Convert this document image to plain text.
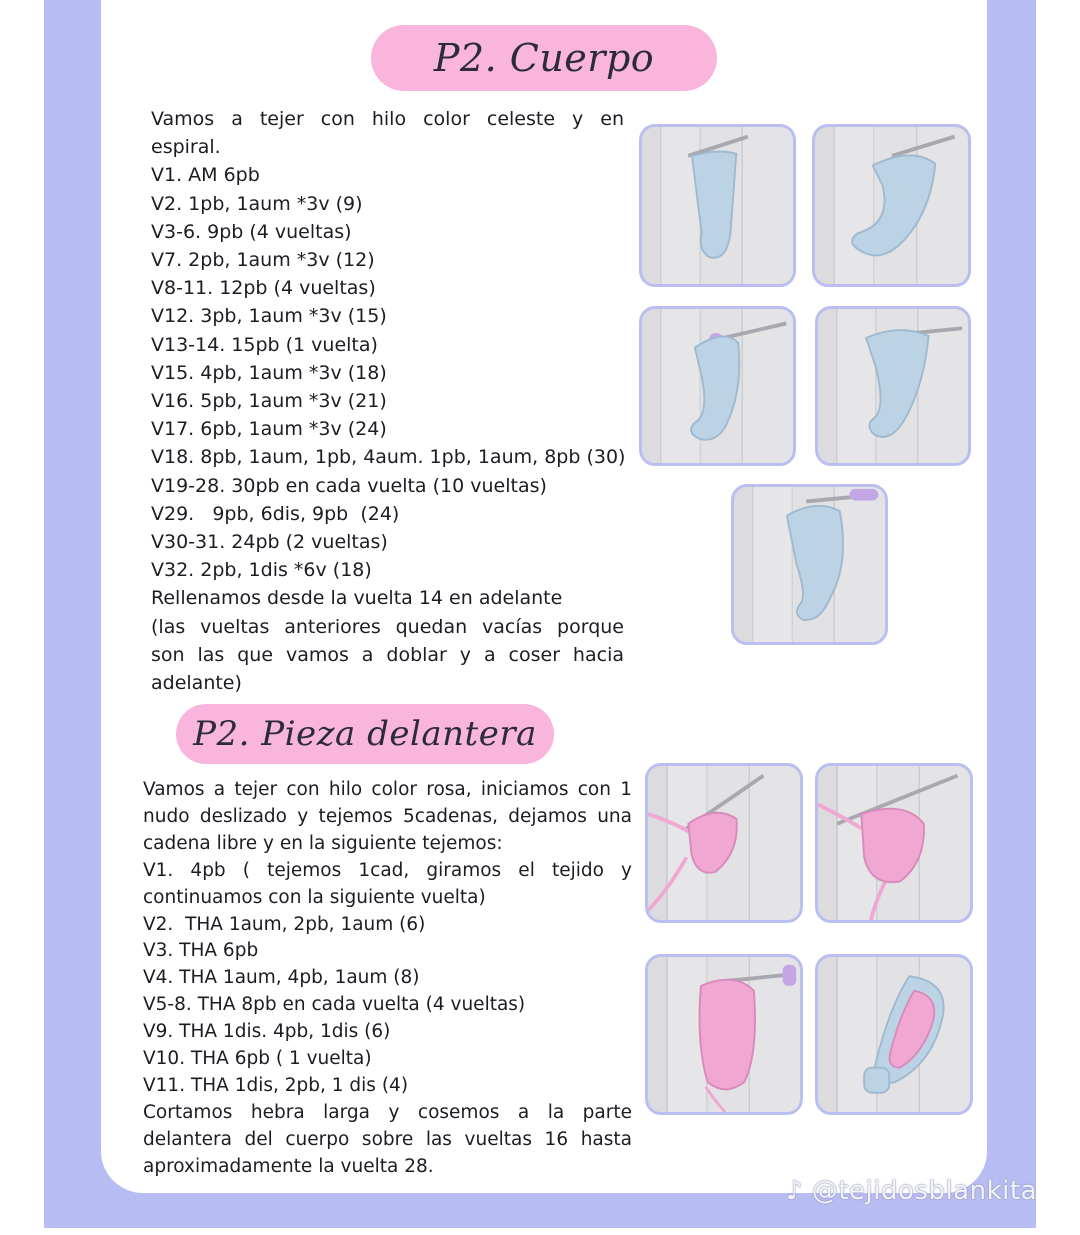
P2. Cuerpo
Vamos a tejer con hilo color celeste y en
espiral.
V1. AM 6pb
V2. 1pb, 1aum *3v (9)
V3-6. 9pb (4 vueltas)
V7. 2pb, 1aum *3v (12)
V8-11. 12pb (4 vueltas)
V12. 3pb, 1aum *3v (15)
V13-14. 15pb (1 vuelta)
V15. 4pb, 1aum *3v (18)
V16. 5pb, 1aum *3v (21)
V17. 6pb, 1aum *3v (24)
V18. 8pb, 1aum, 1pb, 4aum. 1pb, 1aum, 8pb (30)
V19-28. 30pb en cada vuelta (10 vueltas)
V29.   9pb, 6dis, 9pb  (24)
V30-31. 24pb (2 vueltas)
V32. 2pb, 1dis *6v (18)
Rellenamos desde la vuelta 14 en adelante
(las vueltas anteriores quedan vacías porque
son las que vamos a doblar y a coser hacia
adelante)
P2. Pieza delantera
Vamos a tejer con hilo color rosa, iniciamos con 1
nudo deslizado y tejemos 5cadenas, dejamos una
cadena libre y en la siguiente tejemos:
V1. 4pb ( tejemos 1cad, giramos el tejido y
continuamos con la siguiente vuelta)
V2.  THA 1aum, 2pb, 1aum (6)
V3. THA 6pb
V4. THA 1aum, 4pb, 1aum (8)
V5-8. THA 8pb en cada vuelta (4 vueltas)
V9. THA 1dis. 4pb, 1dis (6)
V10. THA 6pb ( 1 vuelta)
V11. THA 1dis, 2pb, 1 dis (4)
Cortamos hebra larga y cosemos a la parte
delantera del cuerpo sobre las vueltas 16 hasta
aproximadamente la vuelta 28.
♪ @tejidosblankita
